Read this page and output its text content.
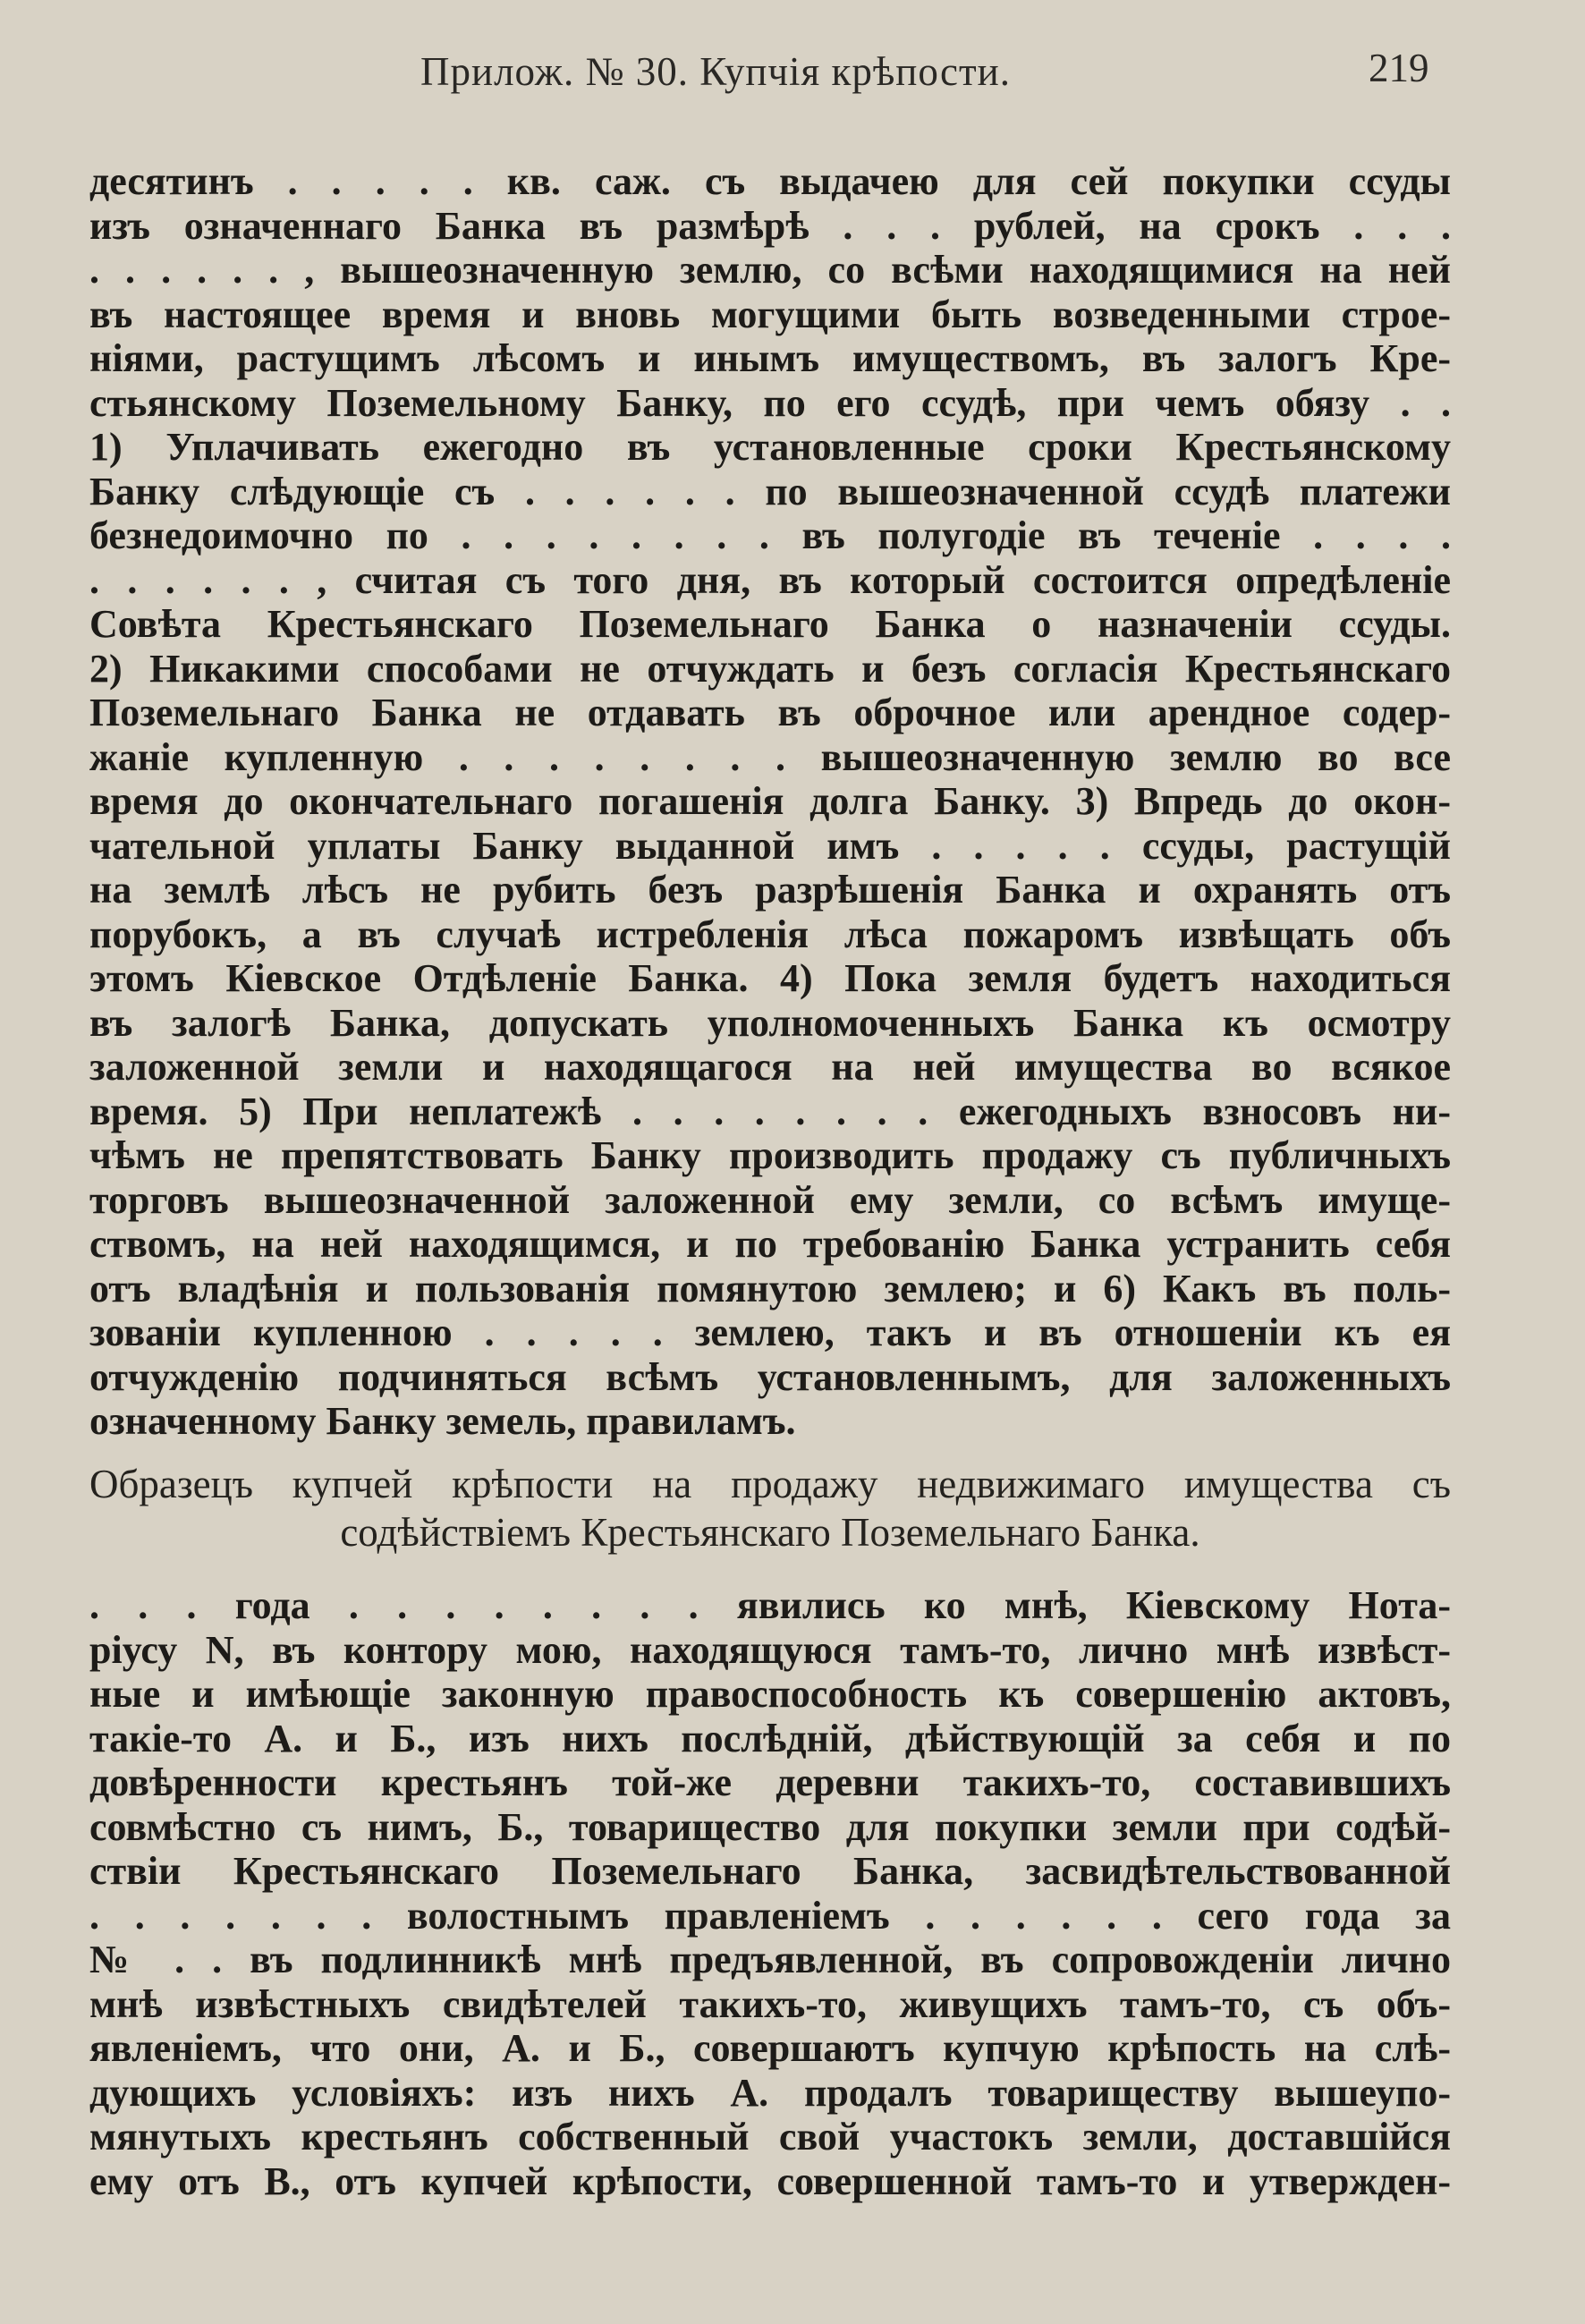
Прилож. № 30. Купчія крѣпости.	219
десятинъ . . . . . кв. саж. съ выдачею для сей покупки ссуды
изъ означеннаго Банка въ размѣрѣ . . . рублей, на срокъ . . .
. . . . . . , вышеозначенную землю, со всѣми находящимися на ней
въ настоящее время и вновь могущими быть возведенными строе-
ніями, растущимъ лѣсомъ и инымъ имуществомъ, въ залогъ Кре-
стьянскому Поземельному Банку, по его ссудѣ, при чемъ обязу . .
1) Уплачивать ежегодно въ установленные сроки Крестьянскому
Банку слѣдующіе съ . . . . . . по вышеозначенной ссудѣ платежи
безнедоимочно по . . . . . . . . въ полугодіе въ теченіе . . . .
. . . . . . , считая съ того дня, въ который состоится опредѣленіе
Совѣта Крестьянскаго Поземельнаго Банка о назначеніи ссуды.
2) Никакими способами не отчуждать и безъ согласія Крестьянскаго
Поземельнаго Банка не отдавать въ оброчное или арендное содер-
жаніе купленную . . . . . . . . вышеозначенную землю во все
время до окончательнаго погашенія долга Банку. 3) Впредь до окон-
чательной уплаты Банку выданной имъ . . . . . ссуды, растущій
на землѣ лѣсъ не рубить безъ разрѣшенія Банка и охранять отъ
порубокъ, а въ случаѣ истребленія лѣса пожаромъ извѣщать объ
этомъ Кіевское Отдѣленіе Банка. 4) Пока земля будетъ находиться
въ залогѣ Банка, допускать уполномоченныхъ Банка къ осмотру
заложенной земли и находящагося на ней имущества во всякое
время. 5) При неплатежѣ . . . . . . . . ежегодныхъ взносовъ ни-
чѣмъ не препятствовать Банку производить продажу съ публичныхъ
торговъ вышеозначенной заложенной ему земли, со всѣмъ имуще-
ствомъ, на ней находящимся, и по требованію Банка устранить себя
отъ владѣнія и пользованія помянутою землею; и 6) Какъ въ поль-
зованіи купленною . . . . . землею, такъ и въ отношеніи къ ея
отчужденію подчиняться всѣмъ установленнымъ, для заложенныхъ
означенному Банку земель, правиламъ.
Образецъ купчей крѣпости на продажу недвижимаго имущества съ
содѣйствіемъ Крестьянскаго Поземельнаго Банка.
. . . года . . . . . . . . явились ко мнѣ, Кіевскому Нота-
ріусу N, въ контору мою, находящуюся тамъ-то, лично мнѣ извѣст-
ные и имѣющіе законную правоспособность къ совершенію актовъ,
такіе-то А. и Б., изъ нихъ послѣдній, дѣйствующій за себя и по
довѣренности крестьянъ той-же деревни такихъ-то, составившихъ
совмѣстно съ нимъ, Б., товарищество для покупки земли при содѣй-
ствіи Крестьянскаго Поземельнаго Банка, засвидѣтельствованной
. . . . . . . волостнымъ правленіемъ . . . . . . сего года за
№ . . въ подлинникѣ мнѣ предъявленной, въ сопровожденіи лично
мнѣ извѣстныхъ свидѣтелей такихъ-то, живущихъ тамъ-то, съ объ-
явленіемъ, что они, А. и Б., совершаютъ купчую крѣпость на слѣ-
дующихъ условіяхъ: изъ нихъ А. продалъ товариществу вышеупо-
мянутыхъ крестьянъ собственный свой участокъ земли, доставшійся
ему отъ В., отъ купчей крѣпости, совершенной тамъ-то и утвержден-
